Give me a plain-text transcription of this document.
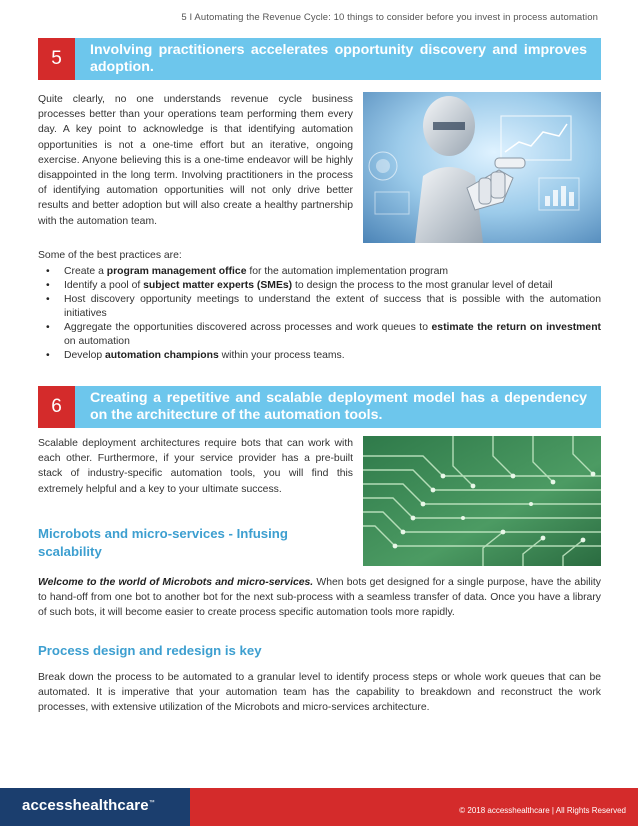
5 I Automating the Revenue Cycle: 10 things to consider before you invest in process automation
5	Involving practitioners accelerates opportunity discovery and improves adoption.
Quite clearly, no one understands revenue cycle business processes better than your operations team performing them every day. A key point to acknowledge is that identifying automation opportunities is not a one-time effort but an iterative, ongoing exercise. Anyone believing this is a one-time endeavor will be highly disappointed in the long term. Involving practitioners in the process of identifying automation opportunities will not only drive better results and better adoption but will also create a healthy partnership with the automation team.
Some of the best practices are:
• Create a program management office for the automation implementation program
• Identify a pool of subject matter experts (SMEs) to design the process to the most granular level of detail
• Host discovery opportunity meetings to understand the extent of success that is possible with the automation initiatives
• Aggregate the opportunities discovered across processes and work queues to estimate the return on investment on automation
• Develop automation champions within your process teams.
6	Creating a repetitive and scalable deployment model has a dependency on the architecture of the automation tools.
Scalable deployment architectures require bots that can work with each other. Furthermore, if your service provider has a pre-built stack of industry-specific automation tools, you will find this extremely helpful and a key to your ultimate success.
Microbots and micro-services - Infusing scalability
Welcome to the world of Microbots and micro-services. When bots get designed for a single purpose, have the ability to hand-off from one bot to another bot for the next sub-process with a seamless transfer of data. Once you have a library of such bots, it will become easier to create process specific automation tools more rapidly.
Process design and redesign is key
Break down the process to be automated to a granular level to identify process steps or whole work queues that can be automated. It is imperative that your automation team has the capability to breakdown and reconstruct the work processes, with extensive utilization of the Microbots and micro-services architecture.
accesshealthcare™
© 2018 accesshealthcare | All Rights Reserved
